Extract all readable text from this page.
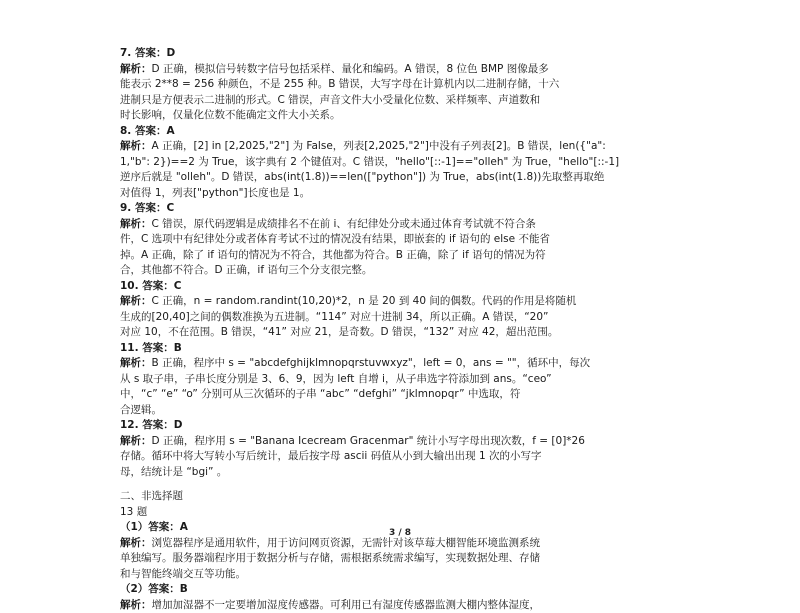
7. 答案：D
解析：D 正确，模拟信号转数字信号包括采样、量化和编码。A 错误，8 位色 BMP 图像最多
能表示 2**8 = 256 种颜色，不是 255 种。B 错误，大写字母在计算机内以二进制存储，十六
进制只是方便表示二进制的形式。C 错误，声音文件大小受量化位数、采样频率、声道数和
时长影响，仅量化位数不能确定文件大小关系。
8. 答案：A
解析：A 正确，[2] in [2,2025,"2"] 为 False，列表[2,2025,"2"]中没有子列表[2]。B 错误，len({"a":
1,"b": 2})==2 为 True，该字典有 2 个键值对。C 错误，"hello"[::-1]=="olleh" 为 True，"hello"[::-1]
逆序后就是 "olleh"。D 错误，abs(int(1.8))==len(["python"]) 为 True，abs(int(1.8))先取整再取绝
对值得 1，列表["python"]长度也是 1。
9. 答案：C
解析：C 错误，原代码逻辑是成绩排名不在前 i、有纪律处分或未通过体育考试就不符合条
件，C 选项中有纪律处分或者体育考试不过的情况没有结果，即嵌套的 if 语句的 else 不能省
掉。A 正确，除了 if 语句的情况为不符合，其他都为符合。B 正确，除了 if 语句的情况为符
合，其他都不符合。D 正确，if 语句三个分支很完整。
10. 答案：C
解析：C 正确，n = random.randint(10,20)*2，n 是 20 到 40 间的偶数。代码的作用是将随机
生成的[20,40]之间的偶数准换为五进制。“114” 对应十进制 34，所以正确。A 错误，“20”
对应 10，不在范围。B 错误，“41” 对应 21，是奇数。D 错误，“132” 对应 42，超出范围。
11. 答案：B
解析：B 正确，程序中 s = "abcdefghijklmnopqrstuvwxyz"，left = 0，ans = ""，循环中，每次
从 s 取子串，子串长度分别是 3、6、9，因为 left 自增 i，从子串选字符添加到 ans。“ceo”
中，“c” “e” “o” 分别可从三次循环的子串 “abc” “defghi” “jklmnopqr” 中选取，符
合逻辑。
12. 答案：D
解析：D 正确，程序用 s = "Banana Icecream Gracenmar" 统计小写字母出现次数，f = [0]*26
存储。循环中将大写转小写后统计，最后按字母 ascii 码值从小到大输出出现 1 次的小写字
母，结统计是 “bgi” 。
二、非选择题
13 题
（1）答案：A
解析：浏览器程序是通用软件，用于访问网页资源，无需针对该草莓大棚智能环境监测系统
单独编写。服务器端程序用于数据分析与存储，需根据系统需求编写，实现数据处理、存储
和与智能终端交互等功能。
（2）答案：B
解析：增加加湿器不一定要增加湿度传感器。可利用已有湿度传感器监测大棚内整体湿度，
3 / 8
